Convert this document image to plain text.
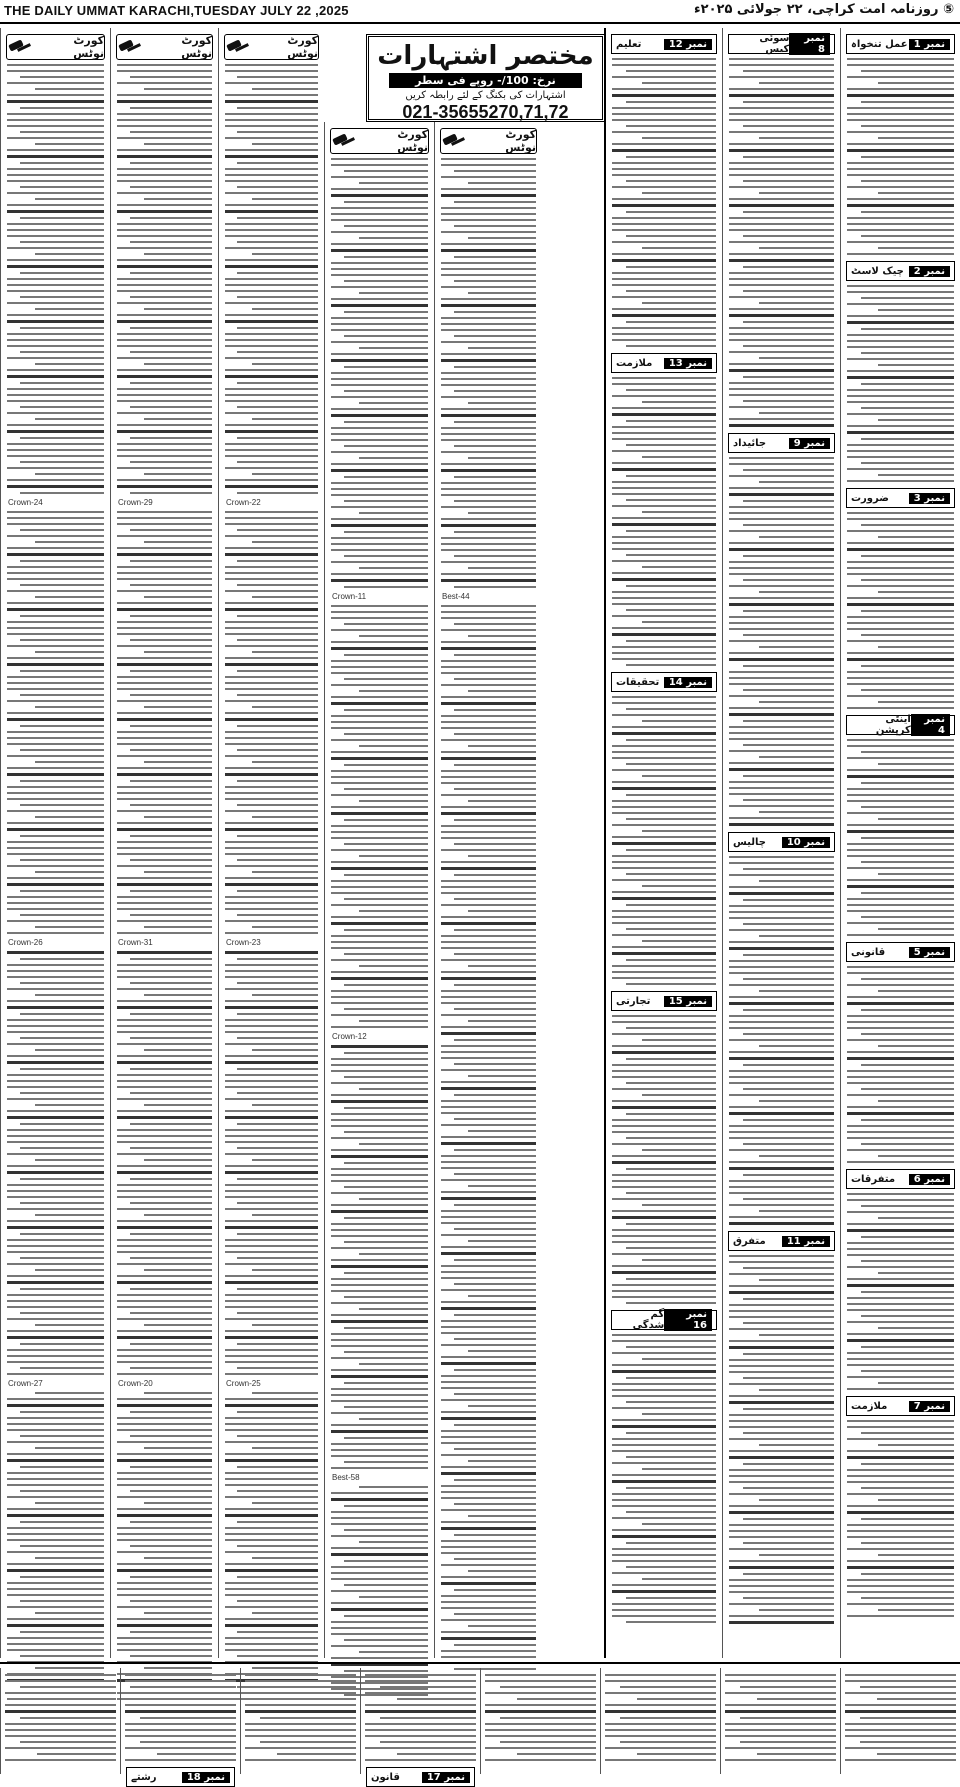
THE DAILY UMMAT KARACHI,TUESDAY JULY 22 ,2025	⑤ روزنامہ امت کراچی، ۲۲ جولائی ۲۰۲۵ء
کورٹ نوٹس
Crown-24
Crown-26
Crown-27
کورٹ نوٹس
Crown-29
Crown-31
Crown-20
کورٹ نوٹس
Crown-22
Crown-23
Crown-25
مختصر اشتہارات
نرخ: 100/- روپے فی سطر
اشتہارات کی بکنگ کے لئے رابطہ کریں
021-35655270,71,72
کورٹ نوٹس
Crown-11
Crown-12
Best-58
کورٹ نوٹس
Best-44
نمبر 12
تعلیم
نمبر 13
ملازمت
نمبر 14
تحقیقات
نمبر 15
تجارتی
نمبر 16
گم شدگی
نمبر 8
سوئی کیس
نمبر 9
جائیداد
نمبر 10
چالیس
نمبر 11
متفرق
نمبر 1
عمل تنخواہ
نمبر 2
چیک لاسٹ
نمبر 3
ضرورت
نمبر 4
اینٹی کرپشن
نمبر 5
قانونی
نمبر 6
متفرقات
نمبر 7
ملازمت
نمبر 18
رشتے	نمبر 17
قانون
